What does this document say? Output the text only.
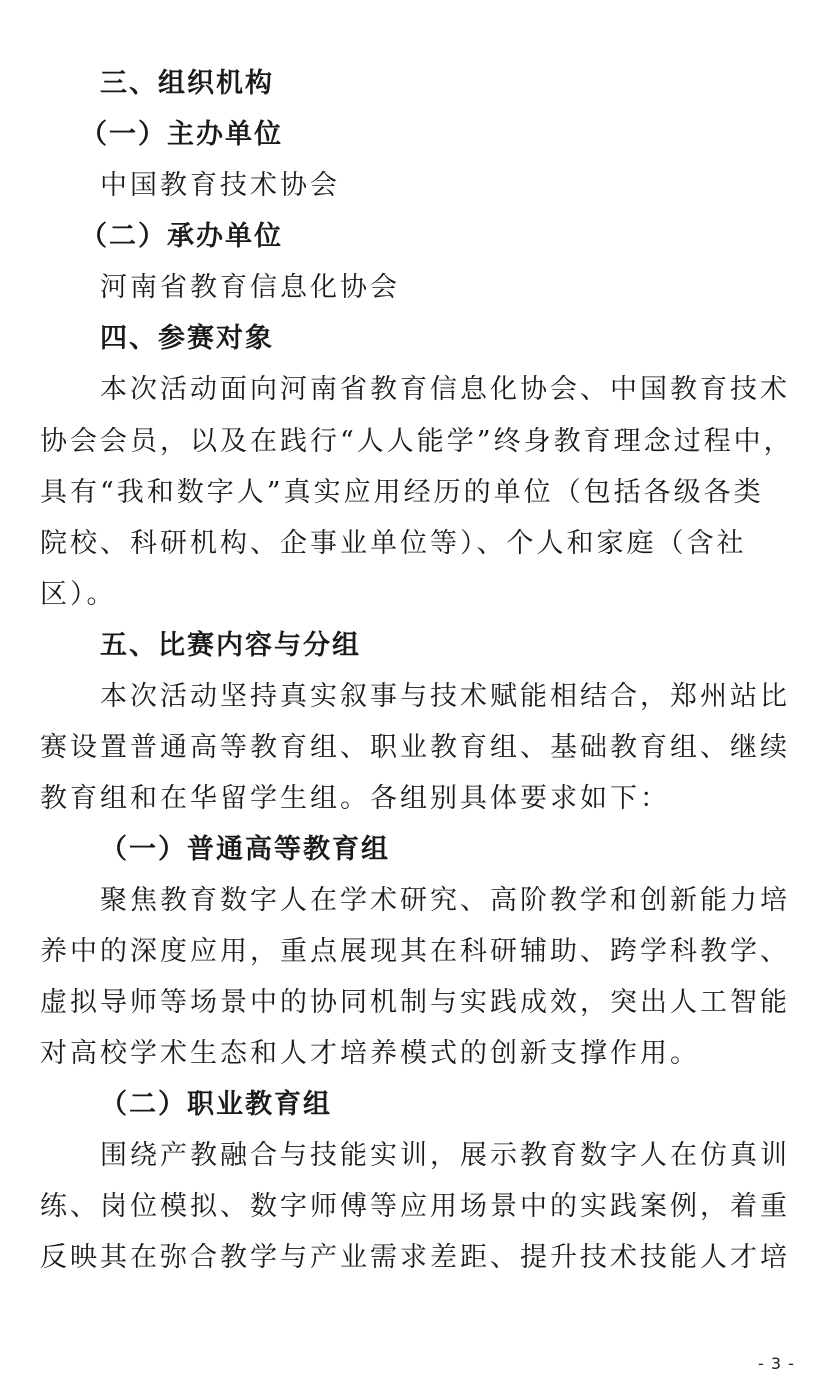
三、组织机构
（一）主办单位
中国教育技术协会
（二）承办单位
河南省教育信息化协会
四、参赛对象
本次活动面向河南省教育信息化协会、中国教育技术
协会会员，以及在践行“人人能学”终身教育理念过程中，
具有“我和数字人”真实应用经历的单位（包括各级各类
院校、科研机构、企事业单位等）、个人和家庭（含社
区）。
五、比赛内容与分组
本次活动坚持真实叙事与技术赋能相结合，郑州站比
赛设置普通高等教育组、职业教育组、基础教育组、继续
教育组和在华留学生组。各组别具体要求如下：
（一）普通高等教育组
聚焦教育数字人在学术研究、高阶教学和创新能力培
养中的深度应用，重点展现其在科研辅助、跨学科教学、
虚拟导师等场景中的协同机制与实践成效，突出人工智能
对高校学术生态和人才培养模式的创新支撑作用。
（二）职业教育组
围绕产教融合与技能实训，展示教育数字人在仿真训
练、岗位模拟、数字师傅等应用场景中的实践案例，着重
反映其在弥合教学与产业需求差距、提升技术技能人才培
- 3 -
